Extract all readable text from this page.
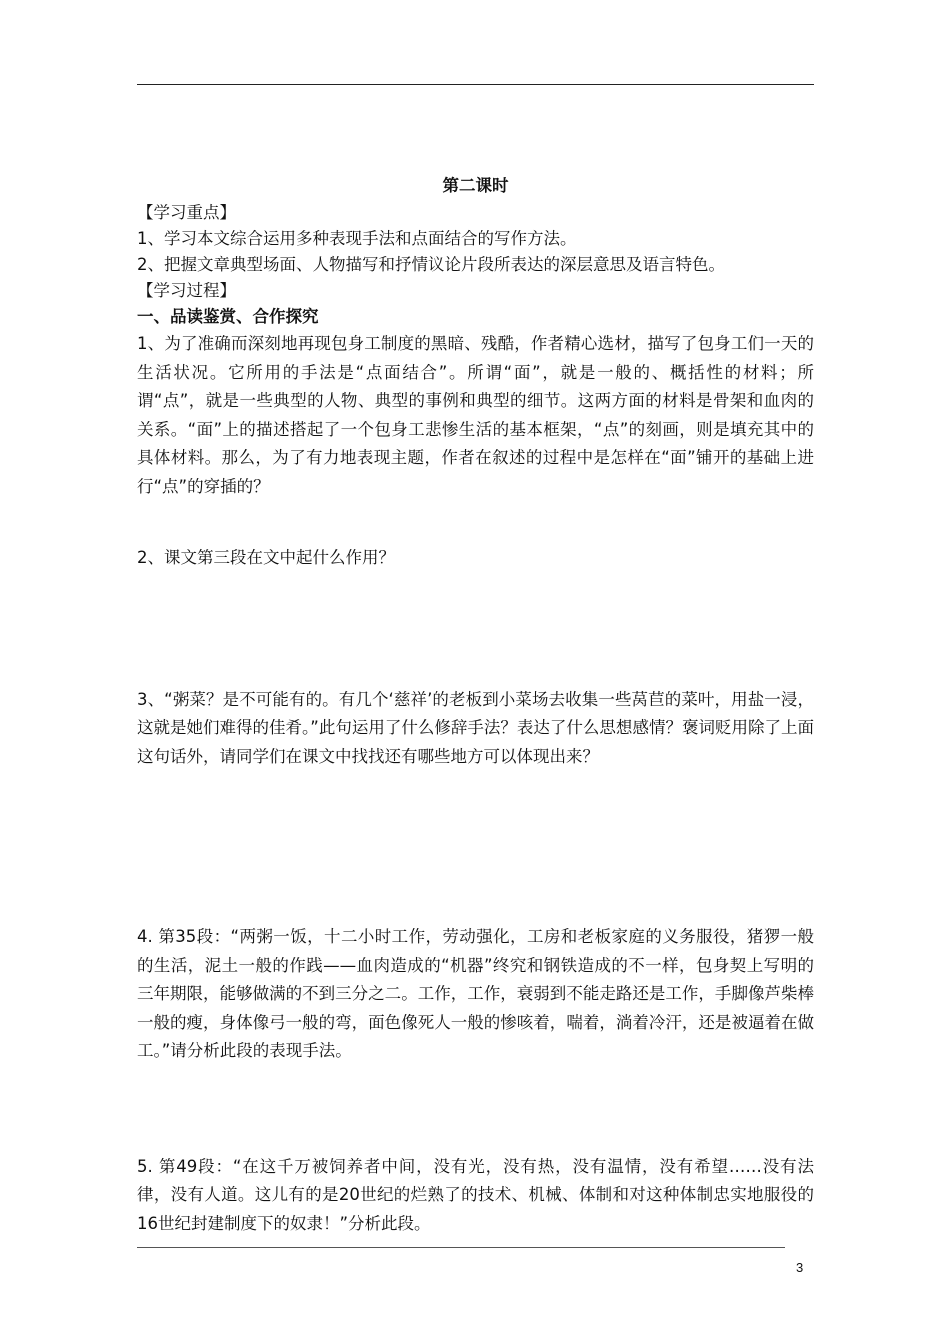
第二课时

【学习重点】

1、学习本文综合运用多种表现手法和点面结合的写作方法。

2、把握文章典型场面、人物描写和抒情议论片段所表达的深层意思及语言特色。

【学习过程】

一、品读鉴赏、合作探究

1、为了准确而深刻地再现包身工制度的黑暗、残酷，作者精心选材，描写了包身工们一天的生活状况。它所用的手法是“点面结合”。所谓“面”，就是一般的、概括性的材料；所谓“点”，就是一些典型的人物、典型的事例和典型的细节。这两方面的材料是骨架和血肉的关系。“面”上的描述搭起了一个包身工悲惨生活的基本框架，“点”的刻画，则是填充其中的具体材料。那么，为了有力地表现主题，作者在叙述的过程中是怎样在“面”铺开的基础上进行“点”的穿插的？

2、课文第三段在文中起什么作用？

3、“粥菜？是不可能有的。有几个‘慈祥’的老板到小菜场去收集一些莴苣的菜叶，用盐一浸，这就是她们难得的佳肴。”此句运用了什么修辞手法？表达了什么思想感情？褒词贬用除了上面这句话外，请同学们在课文中找找还有哪些地方可以体现出来？

4. 第35段：“两粥一饭，十二小时工作，劳动强化，工房和老板家庭的义务服役，猪猡一般的生活，泥土一般的作践——血肉造成的“机器”终究和钢铁造成的不一样，包身契上写明的三年期限，能够做满的不到三分之二。工作，工作，衰弱到不能走路还是工作，手脚像芦柴棒一般的瘦，身体像弓一般的弯，面色像死人一般的惨咳着，喘着，淌着冷汗，还是被逼着在做工。”请分析此段的表现手法。

5. 第49段：“在这千万被饲养者中间，没有光，没有热，没有温情，没有希望……没有法律，没有人道。这儿有的是20世纪的烂熟了的技术、机械、体制和对这种体制忠实地服役的16世纪封建制度下的奴隶！”分析此段。

3
